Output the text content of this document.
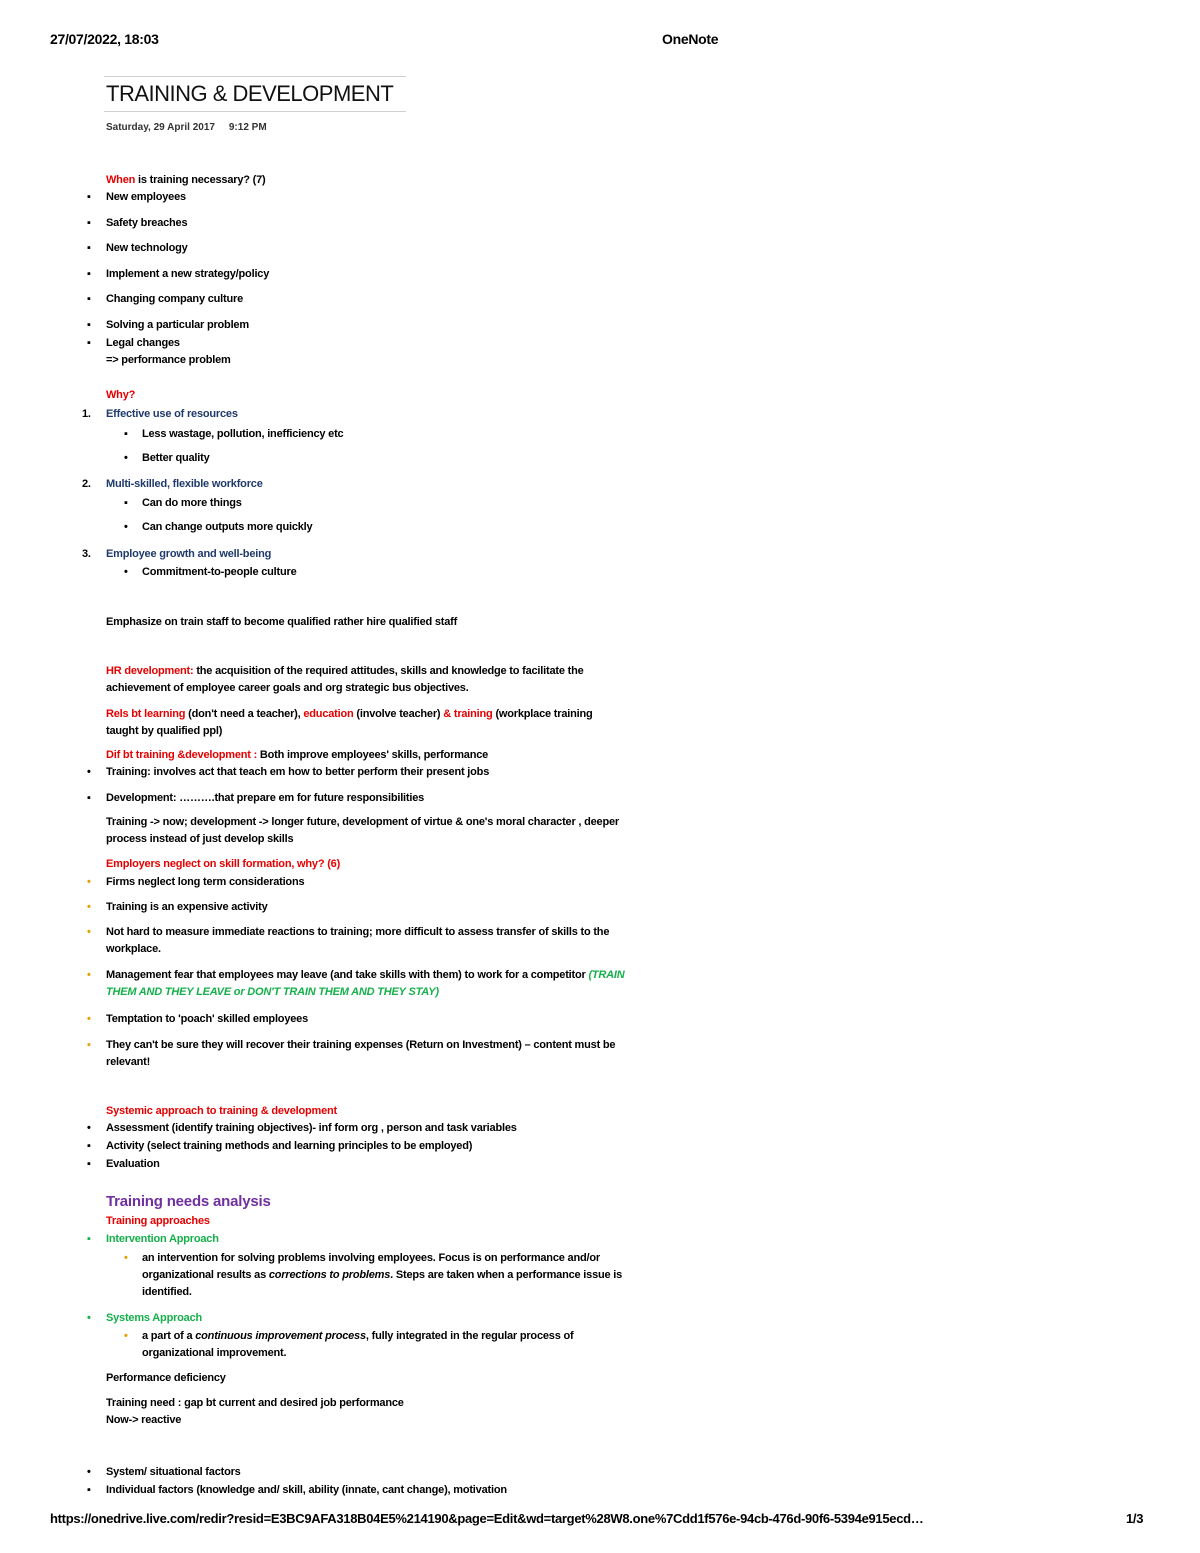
27/07/2022, 18:03	OneNote
TRAINING & DEVELOPMENT
Saturday, 29 April 2017 9:12 PM
When is training necessary? (7)
▪ New employees
▪ Safety breaches
▪ New technology
▪ Implement a new strategy/policy
▪ Changing company culture
▪ Solving a particular problem
▪ Legal changes
=> performance problem
Why?
1. Effective use of resources
▪ Less wastage, pollution, inefficiency etc
• Better quality
2. Multi-skilled, flexible workforce
▪ Can do more things
• Can change outputs more quickly
3. Employee growth and well-being
• Commitment-to-people culture
Emphasize on train staff to become qualified rather hire qualified staff
HR development: the acquisition of the required attitudes, skills and knowledge to facilitate the
achievement of employee career goals and org strategic bus objectives.
Rels bt learning (don't need a teacher), education (involve teacher) & training (workplace training
taught by qualified ppl)
Dif bt training &development : Both improve employees' skills, performance
• Training: involves act that teach em how to better perform their present jobs
▪ Development: ……….that prepare em for future responsibilities
Training -> now; development -> longer future, development of virtue & one's moral character , deeper
process instead of just develop skills
Employers neglect on skill formation, why? (6)
• Firms neglect long term considerations
• Training is an expensive activity
• Not hard to measure immediate reactions to training; more difficult to assess transfer of skills to the
workplace.
• Management fear that employees may leave (and take skills with them) to work for a competitor (TRAIN
THEM AND THEY LEAVE or DON'T TRAIN THEM AND THEY STAY)
• Temptation to 'poach' skilled employees
▪ They can't be sure they will recover their training expenses (Return on Investment) – content must be
relevant!
Systemic approach to training & development
• Assessment (identify training objectives)- inf form org , person and task variables
▪ Activity (select training methods and learning principles to be employed)
▪ Evaluation
Training needs analysis
Training approaches
▪ Intervention Approach
• an intervention for solving problems involving employees. Focus is on performance and/or
organizational results as corrections to problems. Steps are taken when a performance issue is
identified.
• Systems Approach
• a part of a continuous improvement process, fully integrated in the regular process of
organizational improvement.
Performance deficiency
Training need : gap bt current and desired job performance
Now-> reactive
• System/ situational factors
▪ Individual factors (knowledge and/ skill, ability (innate, cant change), motivation
https://onedrive.live.com/redir?resid=E3BC9AFA318B04E5%214190&page=Edit&wd=target%28W8.one%7Cdd1f576e-94cb-476d-90f6-5394e915ecd…	1/3
